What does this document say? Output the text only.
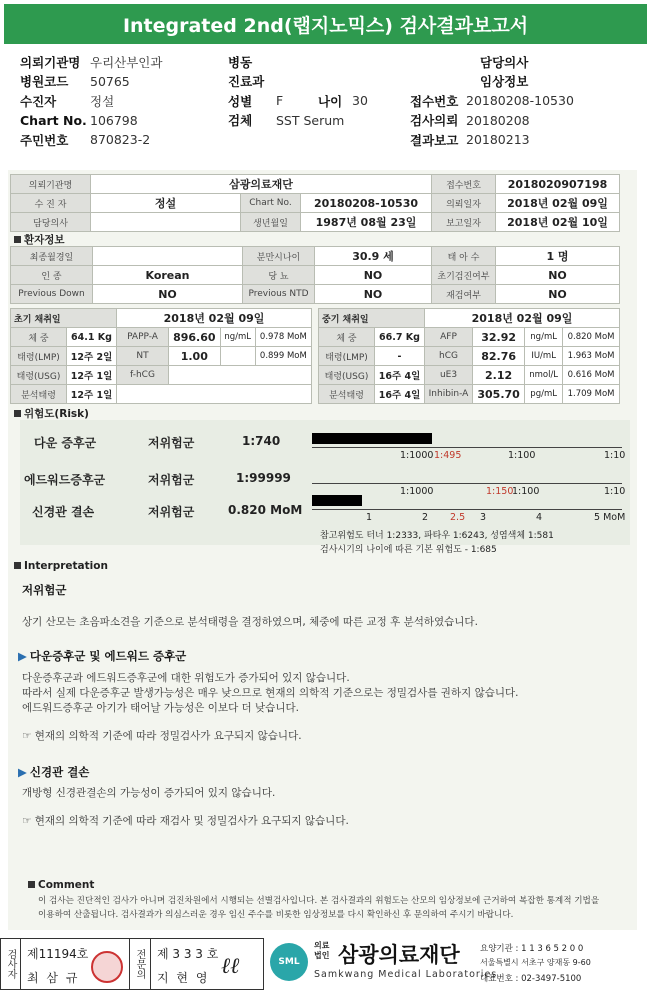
Integrated 2nd(랩지노믹스) 검사결과보고서
의뢰기관명 우리산부인과	병동	담당의사
병원코드	50765	진료과	임상정보
수진자	정설	성별	F	나이 30	접수번호 20180208-10530
Chart No. 106798	검체	SST Serum	검사의뢰 20180208
주민번호	870823-2	결과보고 20180213
의뢰기관명	삼광의료재단			접수번호	2018020907198
수 진 자	정설	Chart No.	20180208-10530	의뢰일자	2018년 02월 09일
담당의사		생년월일	1987년 08월 23일	보고일자	2018년 02월 10일
환자정보
최종월경일		분만시나이	30.9 세	태 아 수	1 명
인 종	Korean	당 뇨	NO	초기검진여부	NO
Previous Down	NO	Previous NTD	NO	재검여부	NO
초기 채취일		2018년 02월 09일			
체 중	64.1 Kg	PAPP-A	896.60	ng/mL	0.978 MoM
태령(LMP)	12주 2일	NT	1.00		0.899 MoM
태령(USG)	12주 1일	f-hCG			
분석태령	12주 1일				
중기 채취일		2018년 02월 09일			
체 중	66.7 Kg	AFP	32.92	ng/mL	0.820 MoM
태령(LMP)	-	hCG	82.76	IU/mL	1.963 MoM
태령(USG)	16주 4일	uE3	2.12	nmol/L	0.616 MoM
분석태령	16주 4일	Inhibin-A	305.70	pg/mL	1.709 MoM
위험도(Risk)
다운 증후군	저위험군	1:740
에드워드증후군	저위험군	1:99999
신경관 결손	저위험군	0.820 MoM
1:1000 1:495	1:100	1:10
1:1000	1:150
1:100	1:10
1	2 2.5 3	4	5 MoM
참고위험도 터너 1:2333, 파타우 1:6243, 성염색체 1:581
검사시기의 나이에 따른 기본 위험도 - 1:685
Interpretation
저위험군
상기 산모는 초음파소견을 기준으로 분석태령을 결정하였으며, 체중에 따른 교정 후 분석하였습니다.
▶ 다운증후군 및 에드워드 증후군
다운증후군과 에드워드증후군에 대한 위험도가 증가되어 있지 않습니다.
따라서 실제 다운증후군 발생가능성은 매우 낮으므로 현재의 의학적 기준으로는 정밀검사를 권하지 않습니다.
에드워드증후군 아기가 태어날 가능성은 이보다 더 낮습니다.
☞ 현재의 의학적 기준에 따라 정밀검사가 요구되지 않습니다.
▶ 신경관 결손
개방형 신경관결손의 가능성이 증가되어 있지 않습니다.
☞ 현재의 의학적 기준에 따라 재검사 및 정밀검사가 요구되지 않습니다.
Comment
이 검사는 진단적인 검사가 아니며 검진차원에서 시행되는 선별검사입니다. 본 검사결과의 위험도는 산모의 임상정보에 근거하여 복잡한 통계적 기법을
이용하여 산출됩니다. 검사결과가 의심스러운 경우 임신 주수를 비롯한 임상정보를 다시 확인하신 후 문의하여 주시기 바랍니다.
검사자 제11194호
최 삼 규	전문의	제 3 3 3 호
지 현 영 ℓℓ	SML
의료법인 삼광의료재단
Samkwang Medical Laboratories
요양기관 : 1 1 3 6 5 2 0 0
서울특별시 서초구 양재동 9-60
대표번호 : 02-3497-5100
